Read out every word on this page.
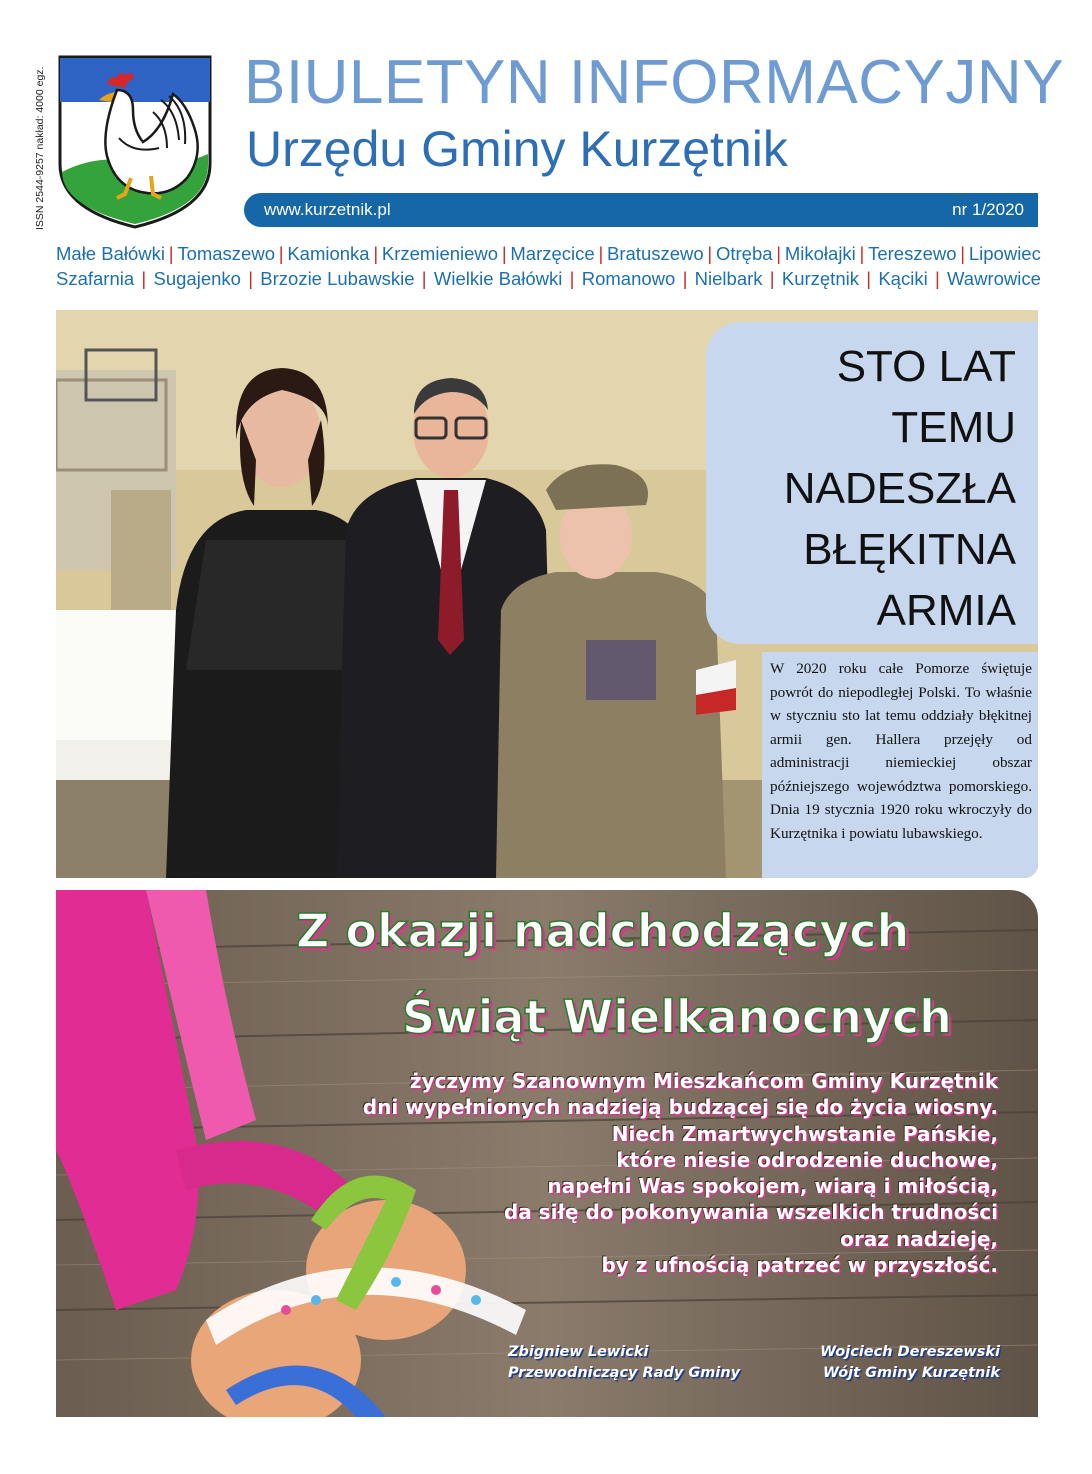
ISSN 2544-9257 nakład: 4000 egz.	BIULETYN INFORMACYJNY
Urzędu Gminy Kurzętnik
www.kurzetnik.pl	nr 1/2020
Małe Bałówki | Tomaszewo | Kamionka | Krzemieniewo | Marzęcice | Bratuszewo | Otręba | Mikołajki | Tereszewo | Lipowiec
Szafarnia | Sugajenko | Brzozie Lubawskie | Wielkie Bałówki | Romanowo | Nielbark | Kurzętnik | Kąciki | Wawrowice
STO LAT
TEMU
NADESZŁA
BŁĘKITNA
ARMIA

W 2020 roku całe Pomorze świętuje powrót do niepodległej Polski. To właśnie w styczniu sto lat temu oddziały błękitnej armii gen. Hallera przejęły od administracji niemieckiej obszar późniejszego województwa pomorskiego. Dnia 19 stycznia 1920 roku wkroczyły do Kurzętnika i powiatu lubawskiego.

Z okazji nadchodzących
Świąt Wielkanocnych
życzymy Szanownym Mieszkańcom Gminy Kurzętnik
dni wypełnionych nadzieją budzącej się do życia wiosny.
Niech Zmartwychwstanie Pańskie,
które niesie odrodzenie duchowe,
napełni Was spokojem, wiarą i miłością,
da siłę do pokonywania wszelkich trudności
oraz nadzieję,
by z ufnością patrzeć w przyszłość.
Zbigniew Lewicki
Przewodniczący Rady Gminy
Wojciech Dereszewski
Wójt Gminy Kurzętnik
